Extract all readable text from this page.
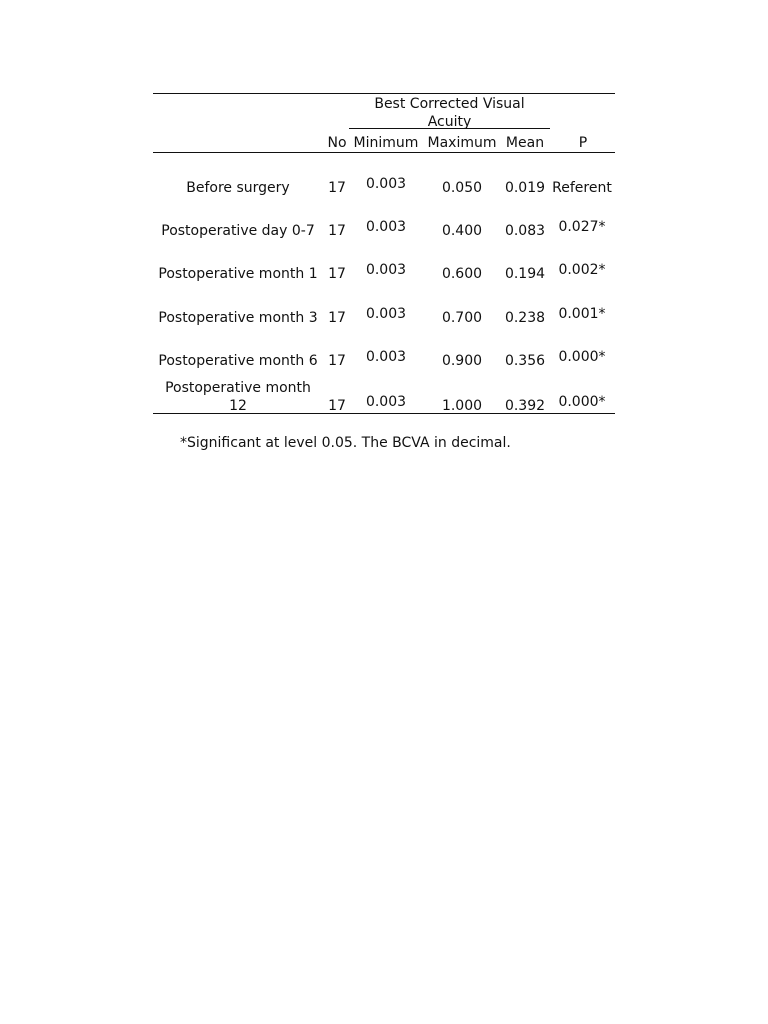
Best Corrected Visual
Acuity
No Minimum Maximum Mean	P
Before surgery	17	0.003	0.050	0.019 Referent
Postoperative day 0-7 17	0.003	0.400	0.083 0.027*
Postoperative month 1 17	0.003	0.600	0.194 0.002*
Postoperative month 3 17	0.003	0.700	0.238 0.001*
Postoperative month 6 17	0.003	0.900	0.356 0.000*
Postoperative month
12	17	0.003	1.000	0.392 0.000*
*Significant at level 0.05. The BCVA in decimal.
